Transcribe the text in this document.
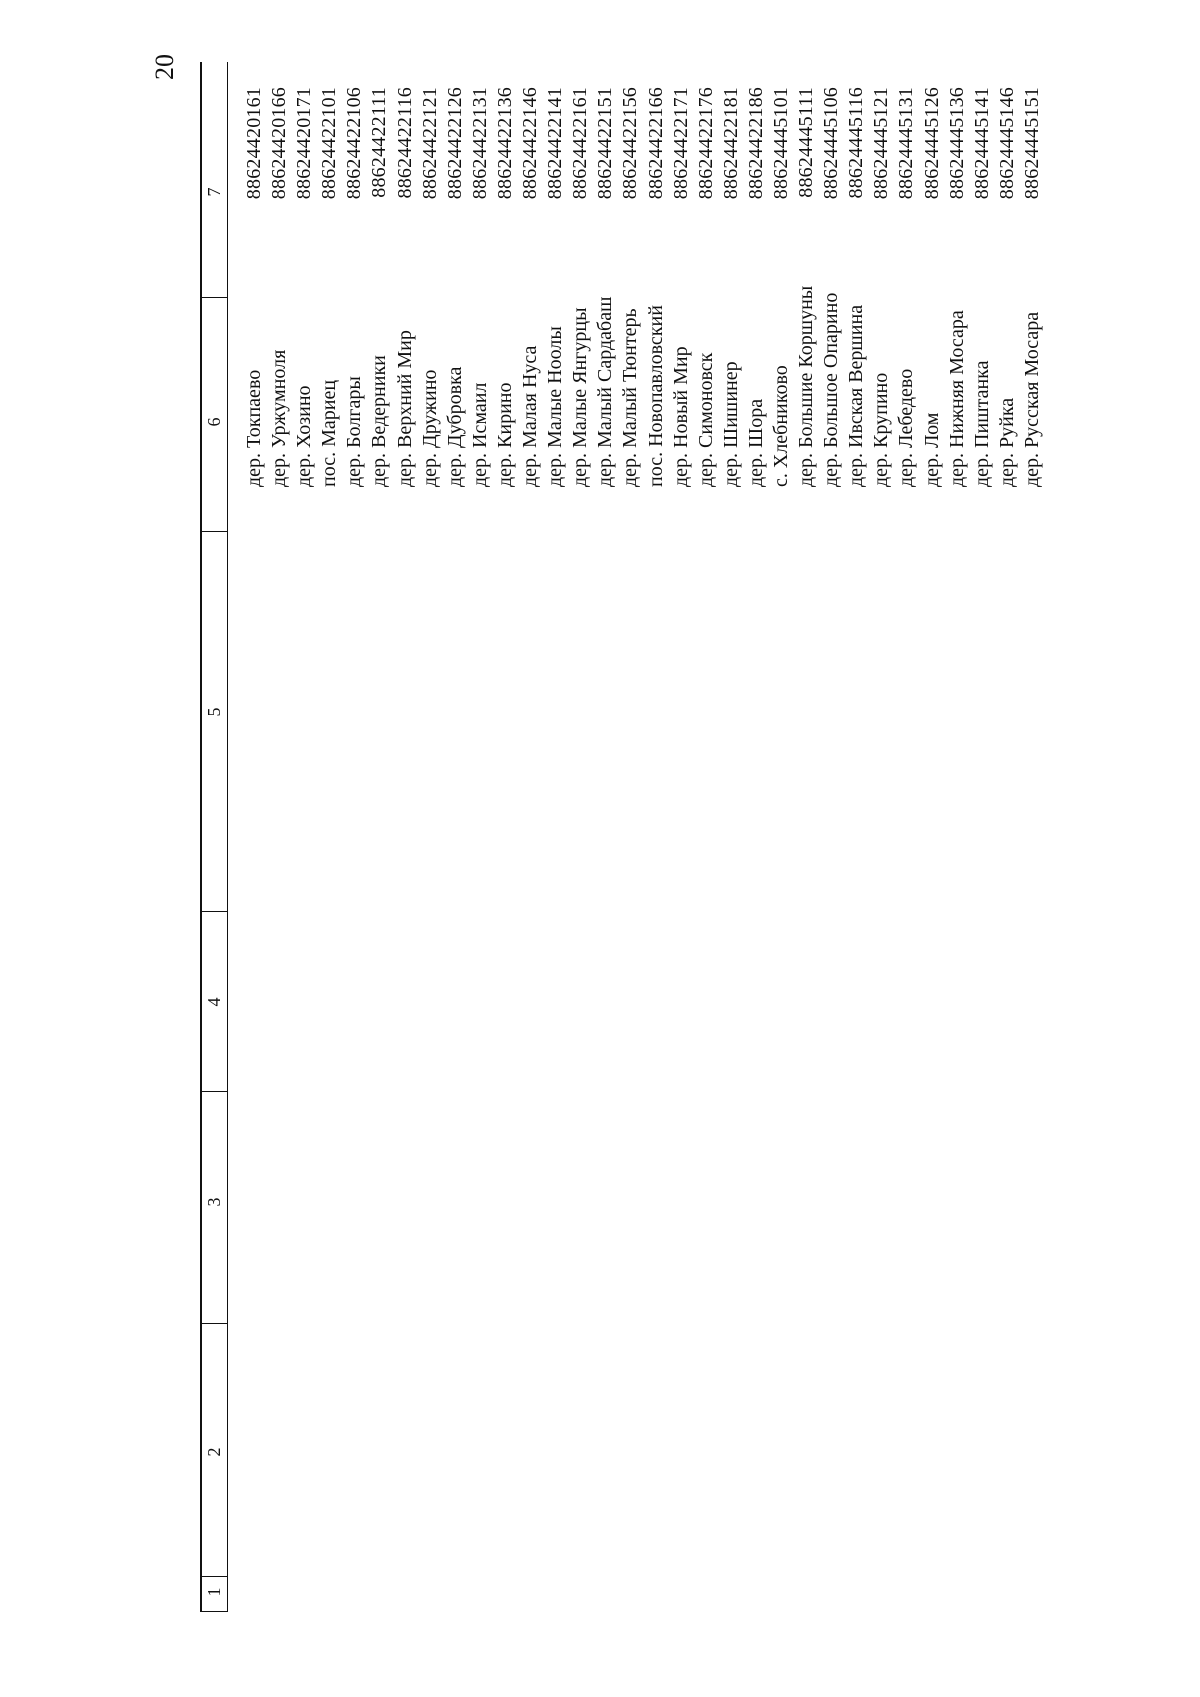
20
1
2
3
4
5
6
7
дер. Токпаево
88624420161
дер. Уржумноля
88624420166
дер. Хозино
88624420171
пос. Мариец
88624422101
дер. Болгары
88624422106
дер. Ведерники
88624422111
дер. Верхний Мир
88624422116
дер. Дружино
88624422121
дер. Дубровка
88624422126
дер. Исмаил
88624422131
дер. Кирино
88624422136
дер. Малая Нуса
88624422146
дер. Малые Ноолы
88624422141
дер. Малые Янгурцы
88624422161
дер. Малый Сардабаш
88624422151
дер. Малый Тюнтерь
88624422156
пос. Новопавловский
88624422166
дер. Новый Мир
88624422171
дер. Симоновск
88624422176
дер. Шишинер
88624422181
дер. Шора
88624422186
с. Хлебниково
88624445101
дер. Большие Коршуны
88624445111
дер. Большое Опарино
88624445106
дер. Ивская Вершина
88624445116
дер. Крупино
88624445121
дер. Лебедево
88624445131
дер. Лом
88624445126
дер. Нижняя Мосара
88624445136
дер. Пиштанка
88624445141
дер. Руйка
88624445146
дер. Русская Мосара
88624445151
